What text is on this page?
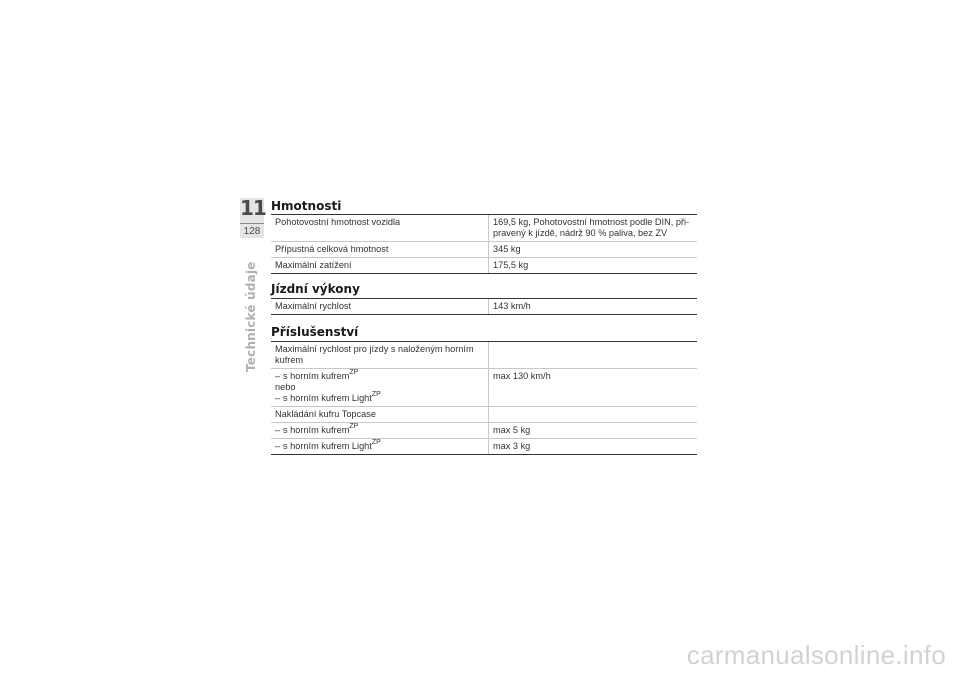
11
128
Technické údaje
Hmotnosti
Pohotovostní hmotnost vozidla	169,5 kg, Pohotovostní hmotnost podle DIN, při-pravený k jízdě, nádrž 90 % paliva, bez ZV
Přípustná celková hmotnost	345 kg
Maximální zatížení	175,5 kg
Jízdní výkony
Maximální rychlost	143 km/h
Příslušenství
Maximální rychlost pro jízdy s naloženým horním kufrem	
– s horním kufrem$^{ZP}$
nebo
– s horním kufrem Light$^{ZP}$	max 130 km/h
Nakládání kufru Topcase	
– s horním kufrem$^{ZP}$	max 5 kg
– s horním kufrem Light$^{ZP}$	max 3 kg
carmanualsonline.info
